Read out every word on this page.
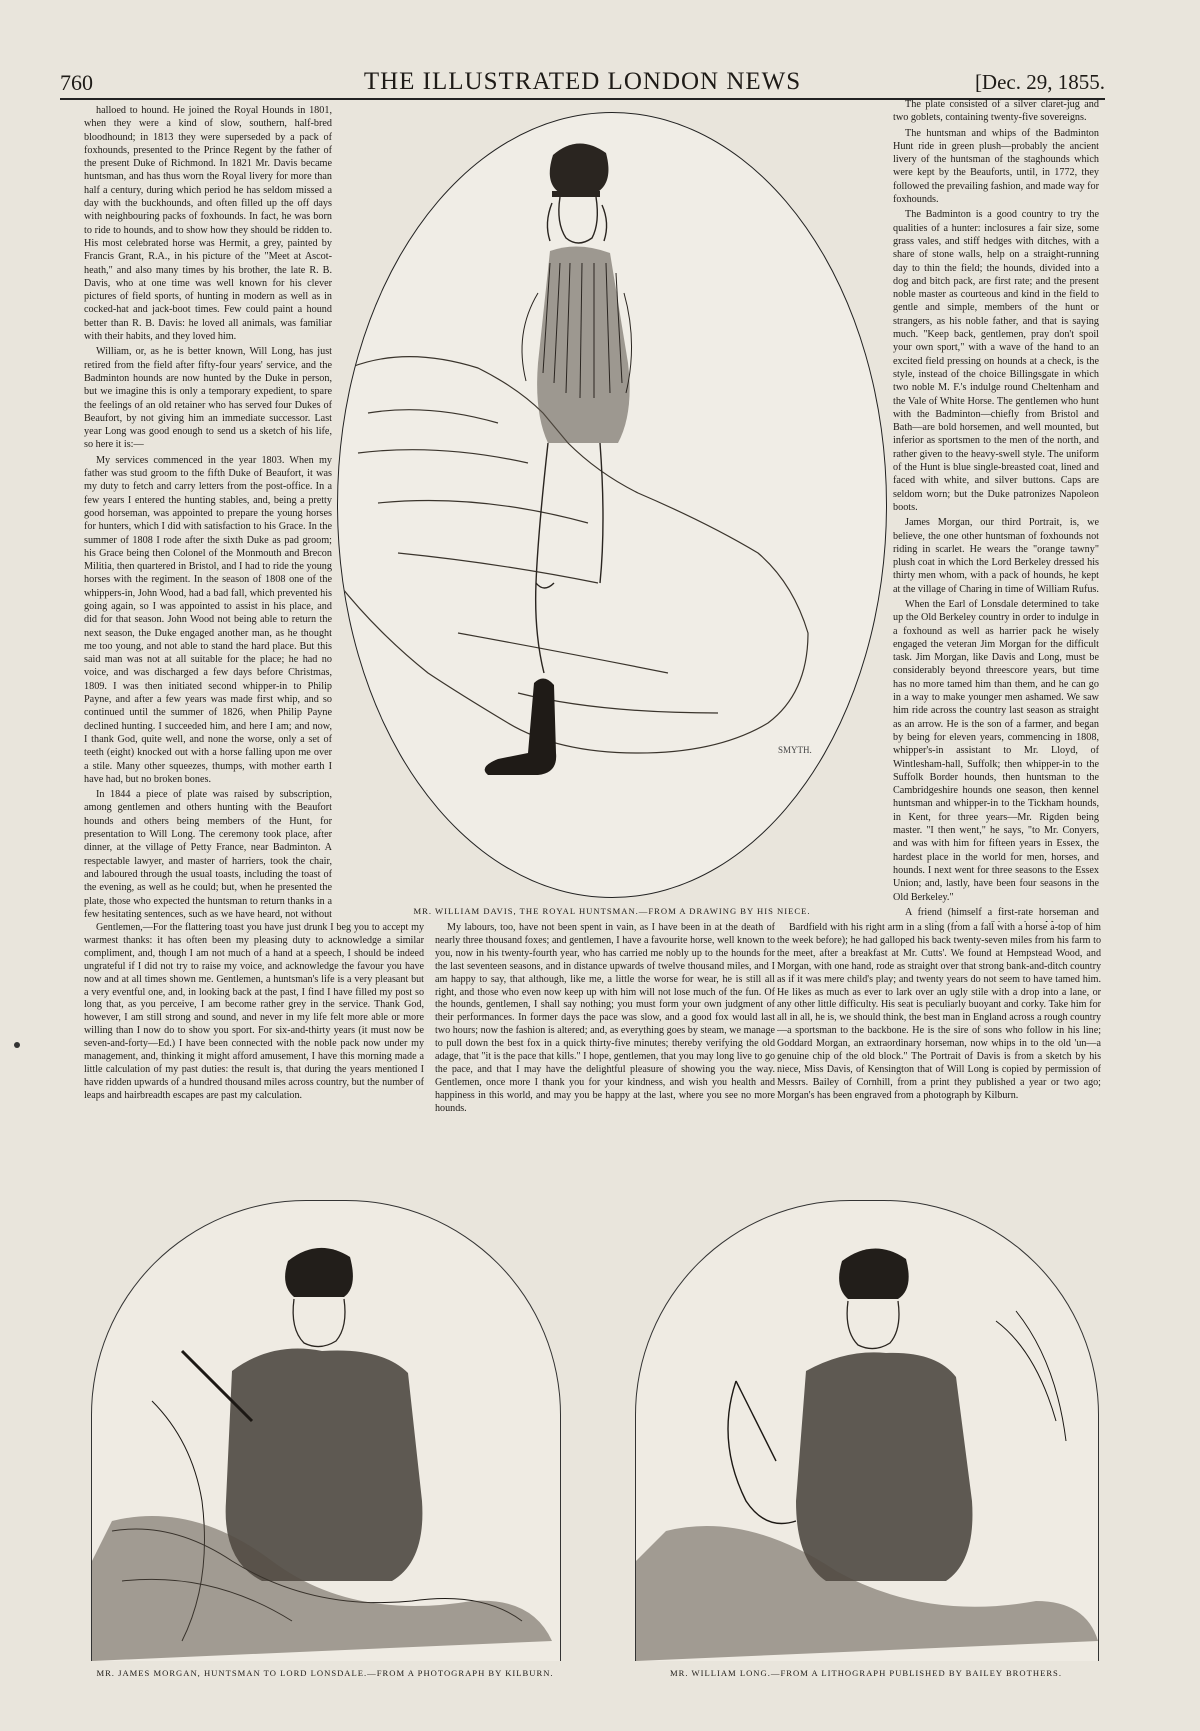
760	THE ILLUSTRATED LONDON NEWS	[Dec. 29, 1855.

halloed to hound. He joined the Royal Hounds in 1801, when they were a kind of slow, southern, half-bred bloodhound; in 1813 they were superseded by a pack of foxhounds, presented to the Prince Regent by the father of the present Duke of Richmond. In 1821 Mr. Davis became huntsman, and has thus worn the Royal livery for more than half a century, during which period he has seldom missed a day with the buckhounds, and often filled up the off days with neighbouring packs of foxhounds. In fact, he was born to ride to hounds, and to show how they should be ridden to. His most celebrated horse was Hermit, a grey, painted by Francis Grant, R.A., in his picture of the "Meet at Ascot-heath," and also many times by his brother, the late R. B. Davis, who at one time was well known for his clever pictures of field sports, of hunting in modern as well as in cocked-hat and jack-boot times. Few could paint a hound better than R. B. Davis: he loved all animals, was familiar with their habits, and they loved him.

William, or, as he is better known, Will Long, has just retired from the field after fifty-four years' service, and the Badminton hounds are now hunted by the Duke in person, but we imagine this is only a temporary expedient, to spare the feelings of an old retainer who has served four Dukes of Beaufort, by not giving him an immediate successor. Last year Long was good enough to send us a sketch of his life, so here it is:—

My services commenced in the year 1803. When my father was stud groom to the fifth Duke of Beaufort, it was my duty to fetch and carry letters from the post-office. In a few years I entered the hunting stables, and, being a pretty good horseman, was appointed to prepare the young horses for hunters, which I did with satisfaction to his Grace. In the summer of 1808 I rode after the sixth Duke as pad groom; his Grace being then Colonel of the Monmouth and Brecon Militia, then quartered in Bristol, and I had to ride the young horses with the regiment. In the season of 1808 one of the whippers-in, John Wood, had a bad fall, which prevented his going again, so I was appointed to assist in his place, and did for that season. John Wood not being able to return the next season, the Duke engaged another man, as he thought me too young, and not able to stand the hard place. But this said man was not at all suitable for the place; he had no voice, and was discharged a few days before Christmas, 1809. I was then initiated second whipper-in to Philip Payne, and after a few years was made first whip, and so continued until the summer of 1826, when Philip Payne declined hunting. I succeeded him, and here I am; and now, I thank God, quite well, and none the worse, only a set of teeth (eight) knocked out with a horse falling upon me over a stile. Many other squeezes, thumps, with mother earth I have had, but no broken bones.

In 1844 a piece of plate was raised by subscription, among gentlemen and others hunting with the Beaufort hounds and others being members of the Hunt, for presentation to Will Long. The ceremony took place, after dinner, at the village of Petty France, near Badminton. A respectable lawyer, and master of harriers, took the chair, and laboured through the usual toasts, including the toast of the evening, as well as he could; but, when he presented the plate, those who expected the huntsman to return thanks in a few hesitating sentences, such as we have heard, not without

SMYTH.
MR. WILLIAM DAVIS, THE ROYAL HUNTSMAN.—FROM A DRAWING BY HIS NIECE.

The plate consisted of a silver claret-jug and two goblets, containing twenty-five sovereigns.

The huntsman and whips of the Badminton Hunt ride in green plush—probably the ancient livery of the huntsman of the staghounds which were kept by the Beauforts, until, in 1772, they followed the prevailing fashion, and made way for foxhounds.

The Badminton is a good country to try the qualities of a hunter: inclosures a fair size, some grass vales, and stiff hedges with ditches, with a share of stone walls, help on a straight-running day to thin the field; the hounds, divided into a dog and bitch pack, are first rate; and the present noble master as courteous and kind in the field to gentle and simple, members of the hunt or strangers, as his noble father, and that is saying much. "Keep back, gentlemen, pray don't spoil your own sport," with a wave of the hand to an excited field pressing on hounds at a check, is the style, instead of the choice Billingsgate in which two noble M. F.'s indulge round Cheltenham and the Vale of White Horse. The gentlemen who hunt with the Badminton—chiefly from Bristol and Bath—are bold horsemen, and well mounted, but inferior as sportsmen to the men of the north, and rather given to the heavy-swell style. The uniform of the Hunt is blue single-breasted coat, lined and faced with white, and silver buttons. Caps are seldom worn; but the Duke patronizes Napoleon boots.

James Morgan, our third Portrait, is, we believe, the one other huntsman of foxhounds not riding in scarlet. He wears the "orange tawny" plush coat in which the Lord Berkeley dressed his thirty men whom, with a pack of hounds, he kept at the village of Charing in time of William Rufus.

When the Earl of Lonsdale determined to take up the Old Berkeley country in order to indulge in a foxhound as well as harrier pack he wisely engaged the veteran Jim Morgan for the difficult task. Jim Morgan, like Davis and Long, must be considerably beyond threescore years, but time has no more tamed him than them, and he can go in a way to make younger men ashamed. We saw him ride across the country last season as straight as an arrow. He is the son of a farmer, and began by being for eleven years, commencing in 1808, whipper's-in assistant to Mr. Lloyd, of Wintlesham-hall, Suffolk; then whipper-in to the Suffolk Border hounds, then huntsman to the Cambridgeshire hounds one season, then kennel huntsman and whipper-in to the Tickham hounds, in Kent, for three years—Mr. Rigden being master. "I then went," he says, "to Mr. Conyers, and was with him for fifteen years in Essex, the hardest place in the world for men, horses, and hounds. I next went for three seasons to the Essex Union; and, lastly, have been four seasons in the Old Berkeley."

A friend (himself a first-rate horseman and

Gentlemen,—For the flattering toast you have just drunk I beg you to accept my warmest thanks: it has often been my pleasing duty to acknowledge a similar compliment, and, though I am not much of a hand at a speech, I should be indeed ungrateful if I did not try to raise my voice, and acknowledge the favour you have now and at all times shown me. Gentlemen, a huntsman's life is a very pleasant but a very eventful one, and, in looking back at the past, I find I have filled my post so long that, as you perceive, I am become rather grey in the service. Thank God, however, I am still strong and sound, and never in my life felt more able or more willing than I now do to show you sport. For six-and-thirty years (it must now be seven-and-forty—Ed.) I have been connected with the noble pack now under my management, and, thinking it might afford amusement, I have this morning made a little calculation of my past duties: the result is, that during the years mentioned I have ridden upwards of a hundred thousand miles across country, but the number of leaps and hairbreadth escapes are past my calculation.

My labours, too, have not been spent in vain, as I have been in at the death of nearly three thousand foxes; and gentlemen, I have a favourite horse, well known to you, now in his twenty-fourth year, who has carried me nobly up to the hounds for the last seventeen seasons, and in distance upwards of twelve thousand miles, and I am happy to say, that although, like me, a little the worse for wear, he is still all right, and those who even now keep up with him will not lose much of the fun. Of the hounds, gentlemen, I shall say nothing; you must form your own judgment of their performances. In former days the pace was slow, and a good fox would last two hours; now the fashion is altered; and, as everything goes by steam, we manage to pull down the best fox in a quick thirty-five minutes; thereby verifying the old adage, that "it is the pace that kills." I hope, gentlemen, that you may long live to go the pace, and that I may have the delightful pleasure of showing you the way. Gentlemen, once more I thank you for your kindness, and wish you health and happiness in this world, and may you be happy at the last, where you see no more hounds.

Bardfield with his right arm in a sling (from a fall with a horse a-top of him the week before); he had galloped his back twenty-seven miles from his farm to the meet, after a breakfast at Mr. Cutts'. We found at Hempstead Wood, and Morgan, with one hand, rode as straight over that strong bank-and-ditch country as if it was mere child's play; and twenty years do not seem to have tamed him. He likes as much as ever to lark over an ugly stile with a drop into a lane, or any other little difficulty. His seat is peculiarly buoyant and corky. Take him for all in all, he is, we should think, the best man in England across a rough country—a sportsman to the backbone. He is the sire of sons who follow in his line; Goddard Morgan, an extraordinary horseman, now whips in to the old 'un—a genuine chip of the old block." The Portrait of Davis is from a sketch by his niece, Miss Davis, of Kensington that of Will Long is copied by permission of Messrs. Bailey of Cornhill, from a print they published a year or two ago; Morgan's has been engraved from a photograph by Kilburn.

MR. JAMES MORGAN, HUNTSMAN TO LORD LONSDALE.—FROM A PHOTOGRAPH BY KILBURN.	MR. WILLIAM LONG.—FROM A LITHOGRAPH PUBLISHED BY BAILEY BROTHERS.
